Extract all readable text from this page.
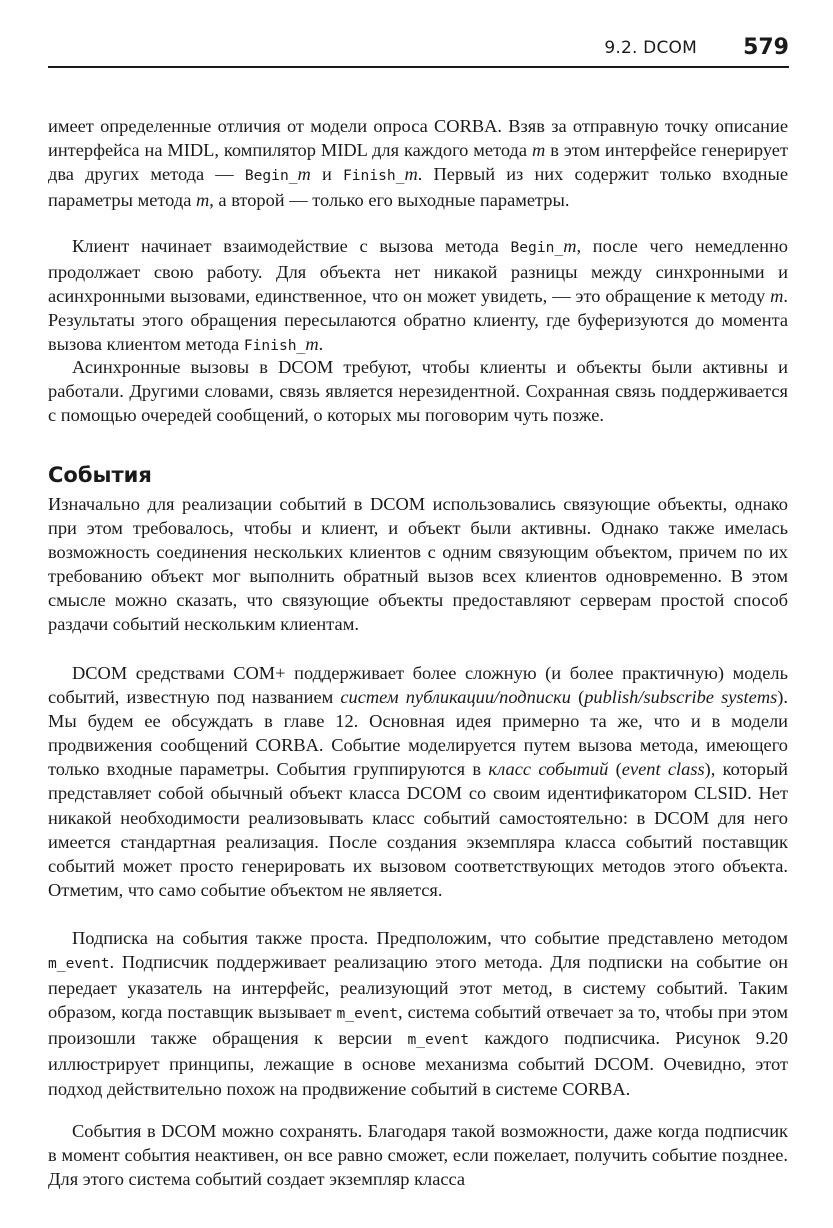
9.2. DCOM 579

имеет определенные отличия от модели опроса CORBA. Взяв за отправную точку описание интерфейса на MIDL, компилятор MIDL для каждого метода m в этом интерфейсе генерирует два других метода — Begin_m и Finish_m. Первый из них содержит только входные параметры метода m, а второй — только его выходные параметры.

Клиент начинает взаимодействие с вызова метода Begin_m, после чего немедленно продолжает свою работу. Для объекта нет никакой разницы между синхронными и асинхронными вызовами, единственное, что он может увидеть, — это обращение к методу m. Результаты этого обращения пересылаются обратно клиенту, где буферизуются до момента вызова клиентом метода Finish_m.

Асинхронные вызовы в DCOM требуют, чтобы клиенты и объекты были активны и работали. Другими словами, связь является нерезидентной. Сохранная связь поддерживается с помощью очередей сообщений, о которых мы поговорим чуть позже.

События

Изначально для реализации событий в DCOM использовались связующие объекты, однако при этом требовалось, чтобы и клиент, и объект были активны. Однако также имелась возможность соединения нескольких клиентов с одним связующим объектом, причем по их требованию объект мог выполнить обратный вызов всех клиентов одновременно. В этом смысле можно сказать, что связующие объекты предоставляют серверам простой способ раздачи событий нескольким клиентам.

DCOM средствами COM+ поддерживает более сложную (и более практичную) модель событий, известную под названием систем публикации/подписки (publish/subscribe systems). Мы будем ее обсуждать в главе 12. Основная идея примерно та же, что и в модели продвижения сообщений CORBA. Событие моделируется путем вызова метода, имеющего только входные параметры. События группируются в класс событий (event class), который представляет собой обычный объект класса DCOM со своим идентификатором CLSID. Нет никакой необходимости реализовывать класс событий самостоятельно: в DCOM для него имеется стандартная реализация. После создания экземпляра класса событий поставщик событий может просто генерировать их вызовом соответствующих методов этого объекта. Отметим, что само событие объектом не является.

Подписка на события также проста. Предположим, что событие представлено методом m_event. Подписчик поддерживает реализацию этого метода. Для подписки на событие он передает указатель на интерфейс, реализующий этот метод, в систему событий. Таким образом, когда поставщик вызывает m_event, система событий отвечает за то, чтобы при этом произошли также обращения к версии m_event каждого подписчика. Рисунок 9.20 иллюстрирует принципы, лежащие в основе механизма событий DCOM. Очевидно, этот подход действительно похож на продвижение событий в системе CORBA.

События в DCOM можно сохранять. Благодаря такой возможности, даже когда подписчик в момент события неактивен, он все равно сможет, если пожелает, получить событие позднее. Для этого система событий создает экземпляр класса
